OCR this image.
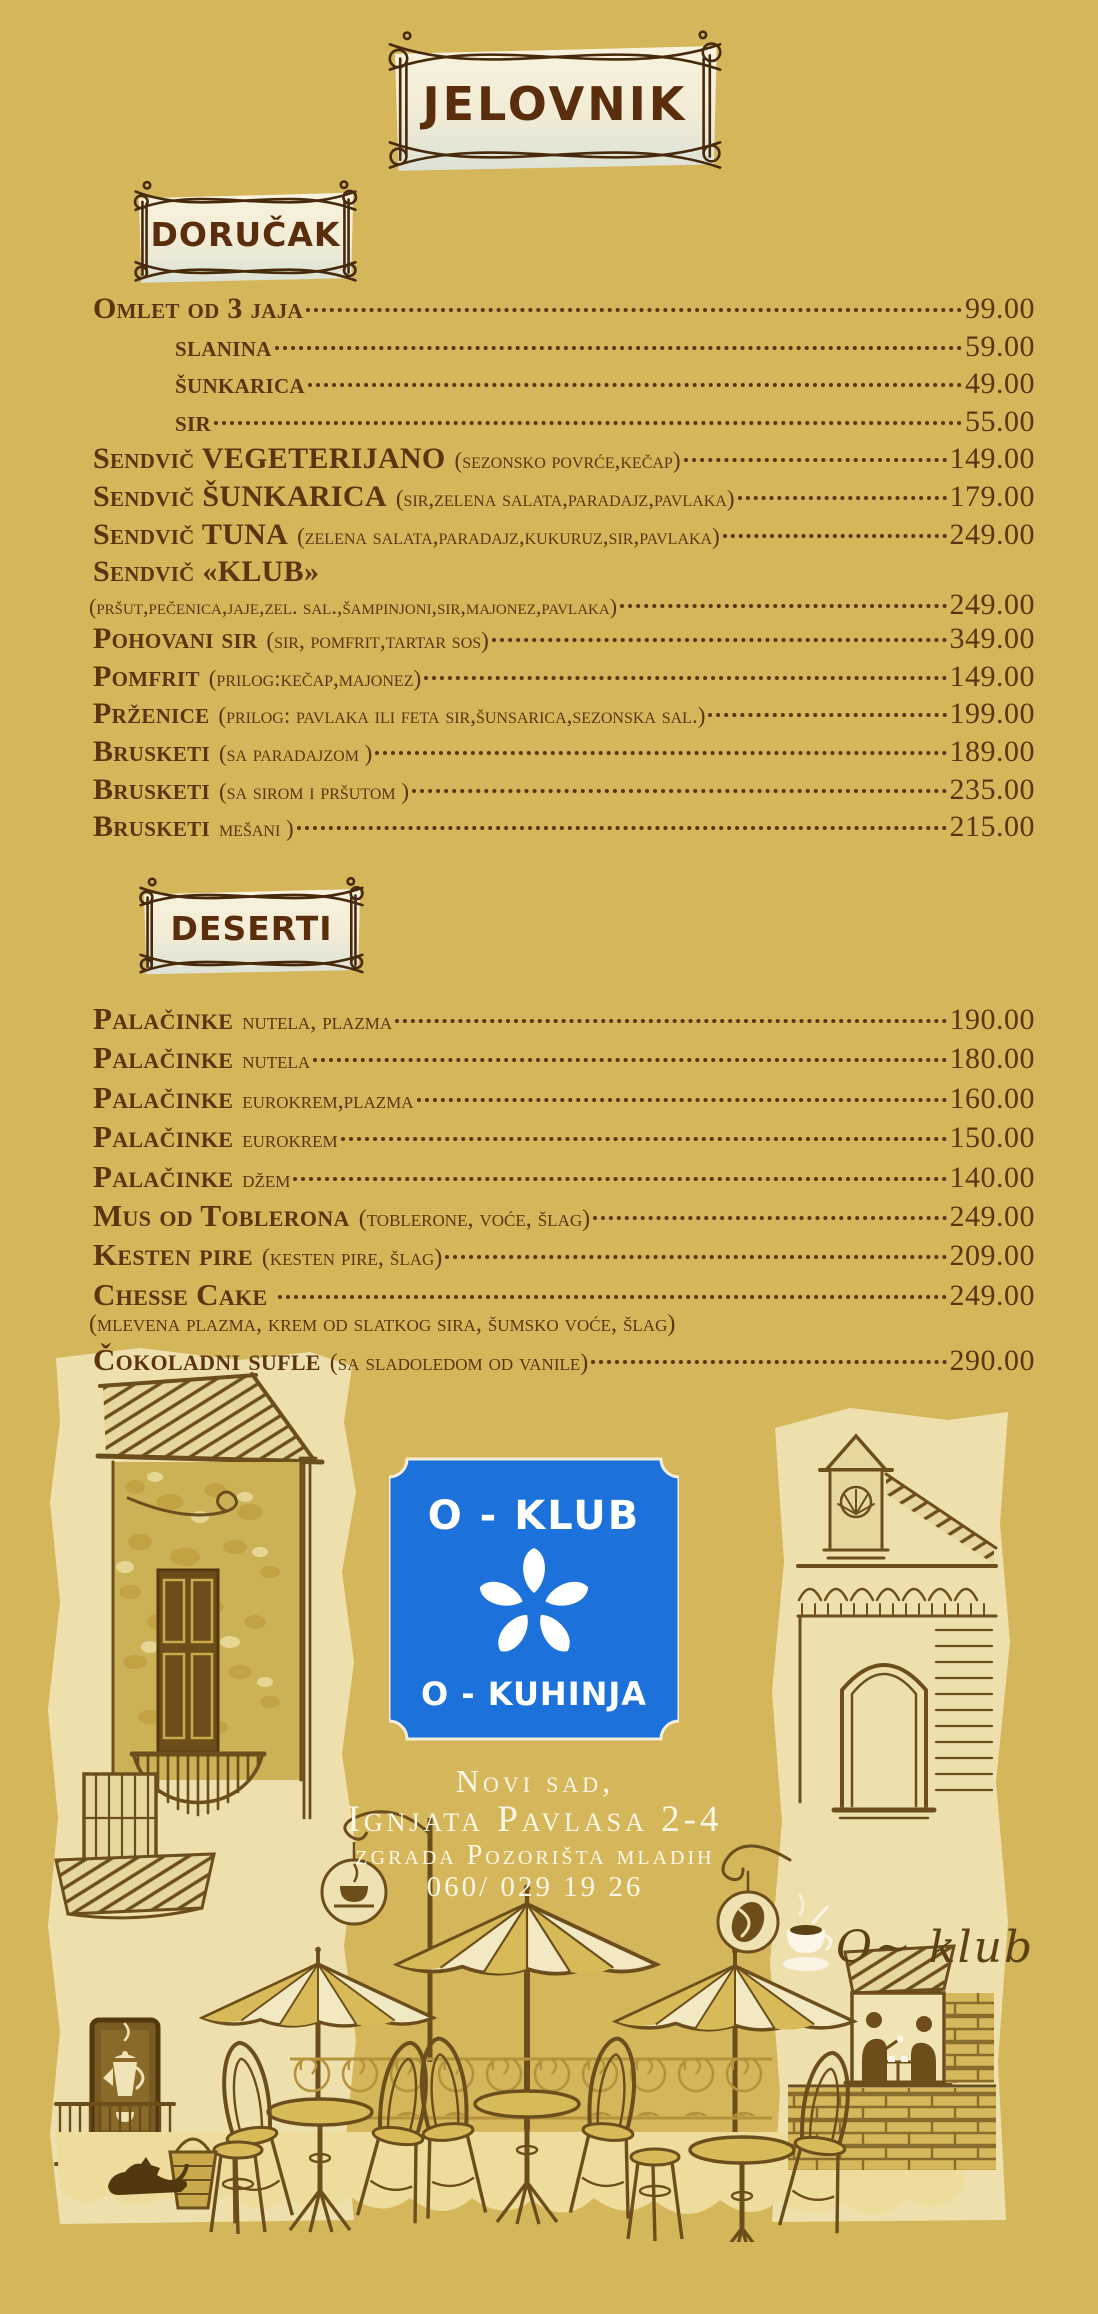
O~ klub
JELOVNIK
DORUČAK
DESERTI
Omlet od 3 jaja	99.00
slanina	59.00
šunkarica	49.00
sir	55.00
Sendvič VEGETERIJANO (sezonsko povrće,kečap)	149.00
Sendvič ŠUNKARICA (sir,zelena salata,paradajz,pavlaka)	179.00
Sendvič TUNA (zelena salata,paradajz,kukuruz,sir,pavlaka)	249.00
Sendvič «KLUB»
(pršut,pečenica,jaje,zel. sal.,šampinjoni,sir,majonez,pavlaka)	249.00
Pohovani sir (sir, pomfrit,tartar sos)	349.00
Pomfrit (prilog:kečap,majonez)	149.00
Prženice (prilog: pavlaka ili feta sir,šunsarica,sezonska sal.)	199.00
Brusketi (sa paradajzom )	189.00
Brusketi (sa sirom i pršutom )	235.00
Brusketi mešani )	215.00
Palačinke nutela, plazma	190.00
Palačinke nutela	180.00
Palačinke eurokrem,plazma	160.00
Palačinke eurokrem	150.00
Palačinke džem	140.00
Mus od Toblerona (toblerone, voće, šlag)	249.00
Kesten pire (kesten pire, šlag)	209.00
Chesse Cake	249.00
(mlevena plazma, krem od slatkog sira, šumsko voće, šlag)
Čokoladni sufle (sa sladoledom od vanile)	290.00
O - KLUB
O - KUHINJA
Novi sad,
Ignjata Pavlasa 2-4
zgrada Pozorišta mladih
060/ 029 19 26
